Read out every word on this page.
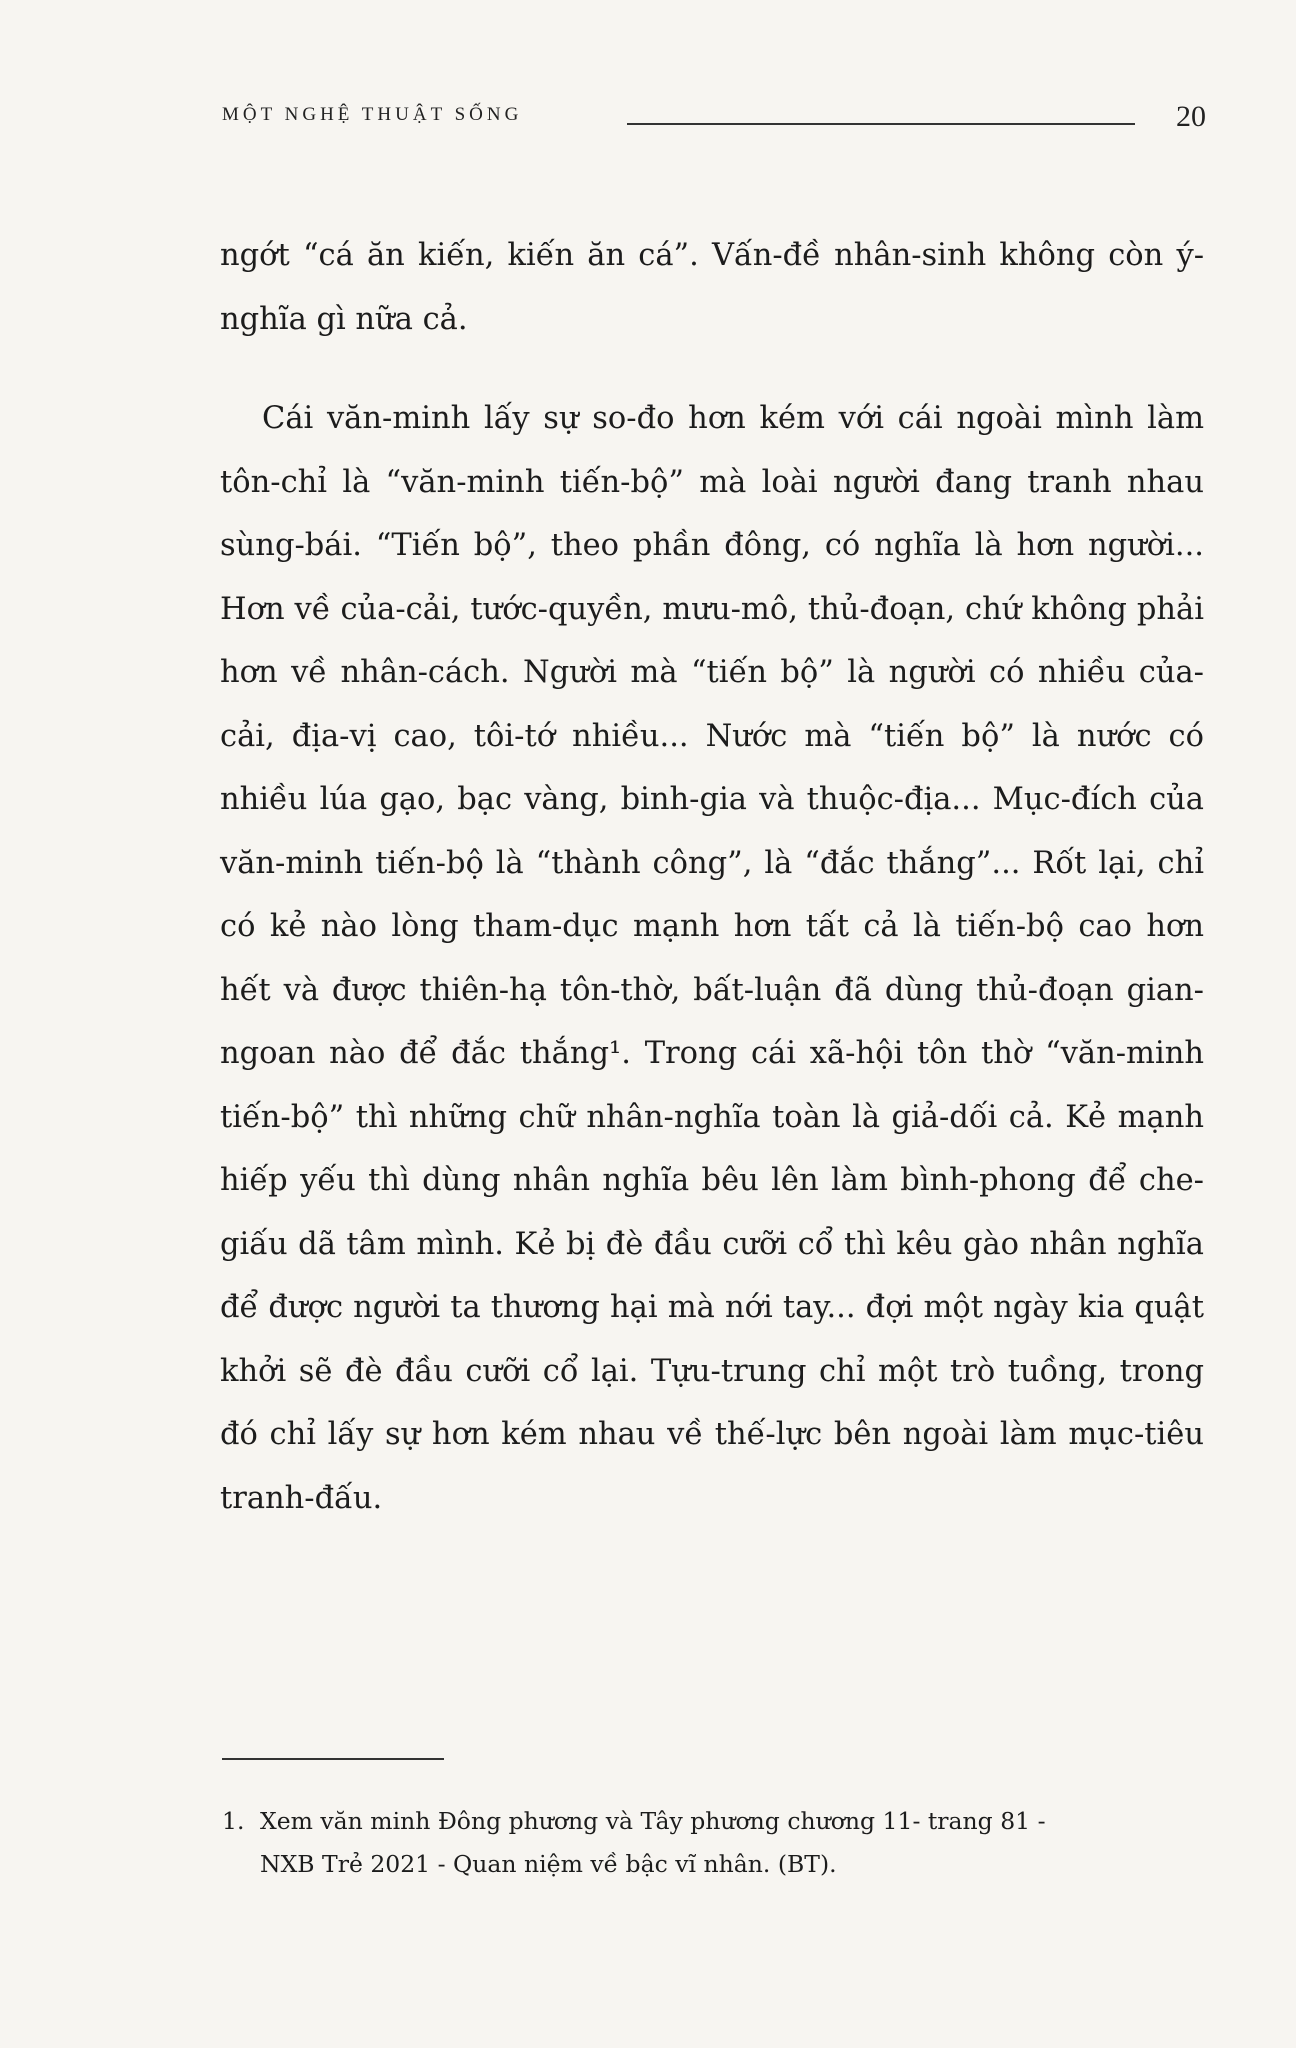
MỘT NGHỆ THUẬT SỐNG	20

ngớt “cá ăn kiến, kiến ăn cá”. Vấn-đề nhân-sinh không còn ý-nghĩa gì nữa cả.

Cái văn-minh lấy sự so-đo hơn kém với cái ngoài mình làm tôn-chỉ là “văn-minh tiến-bộ” mà loài người đang tranh nhau sùng-bái. “Tiến bộ”, theo phần đông, có nghĩa là hơn người... Hơn về của-cải, tước-quyền, mưu-mô, thủ-đoạn, chứ không phải hơn về nhân-cách. Người mà “tiến bộ” là người có nhiều của-cải, địa-vị cao, tôi-tớ nhiều... Nước mà “tiến bộ” là nước có nhiều lúa gạo, bạc vàng, binh-gia và thuộc-địa... Mục-đích của văn-minh tiến-bộ là “thành công”, là “đắc thắng”... Rốt lại, chỉ có kẻ nào lòng tham-dục mạnh hơn tất cả là tiến-bộ cao hơn hết và được thiên-hạ tôn-thờ, bất-luận đã dùng thủ-đoạn gian-ngoan nào để đắc thắng¹. Trong cái xã-hội tôn thờ “văn-minh tiến-bộ” thì những chữ nhân-nghĩa toàn là giả-dối cả. Kẻ mạnh hiếp yếu thì dùng nhân nghĩa bêu lên làm bình-phong để che-giấu dã tâm mình. Kẻ bị đè đầu cưỡi cổ thì kêu gào nhân nghĩa để được người ta thương hại mà nới tay... đợi một ngày kia quật khởi sẽ đè đầu cưỡi cổ lại. Tựu-trung chỉ một trò tuồng, trong đó chỉ lấy sự hơn kém nhau về thế-lực bên ngoài làm mục-tiêu tranh-đấu.

1. Xem văn minh Đông phương và Tây phương chương 11- trang 81 -
NXB Trẻ 2021 - Quan niệm về bậc vĩ nhân. (BT).
